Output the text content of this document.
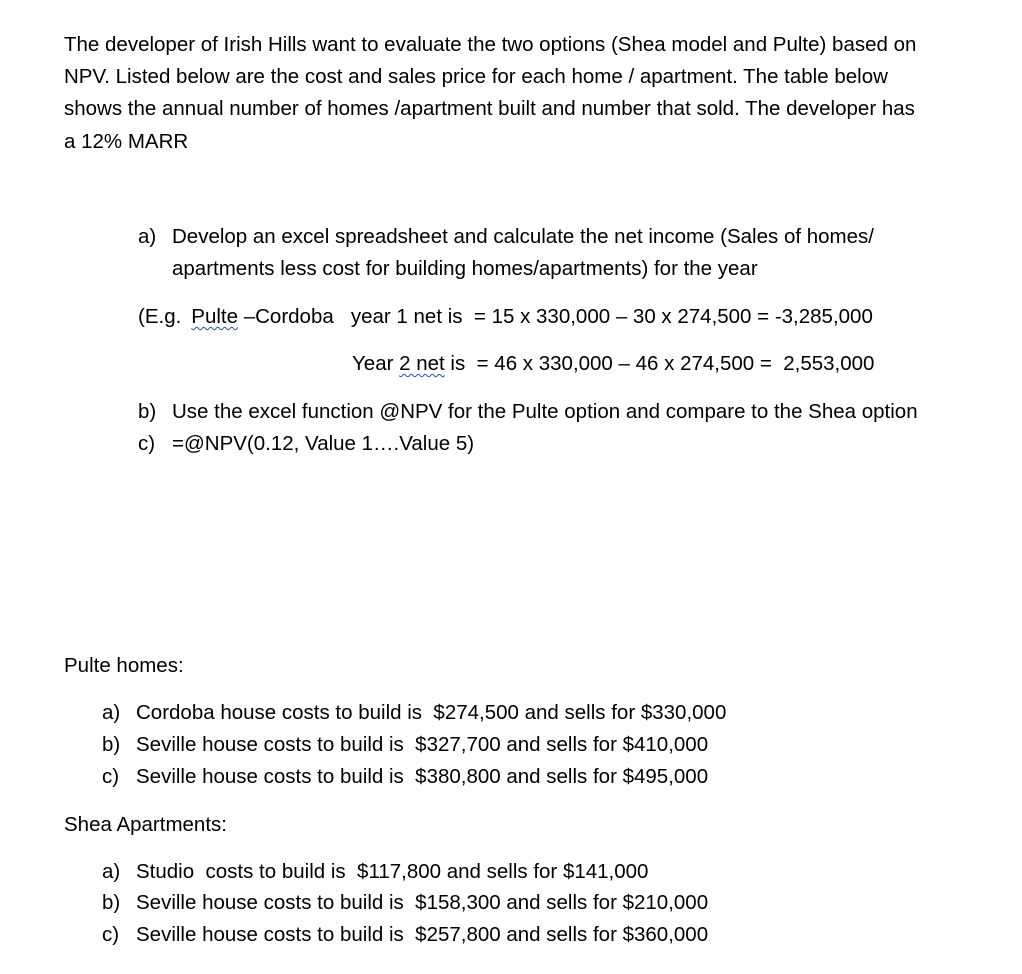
The developer of Irish Hills want to evaluate the two options (Shea model and Pulte) based on
NPV. Listed below are the cost and sales price for each home / apartment. The table below
shows the annual number of homes /apartment built and number that sold. The developer has
a 12% MARR
a) Develop an excel spreadsheet and calculate the net income (Sales of homes/
apartments less cost for building homes/apartments) for the year
(E.g. Pulte –Cordoba   year 1 net is  = 15 x 330,000 – 30 x 274,500 = -3,285,000
Year 2 net is  = 46 x 330,000 – 46 x 274,500 =  2,553,000
b) Use the excel function @NPV for the Pulte option and compare to the Shea option
c) =@NPV(0.12, Value 1….Value 5)
Pulte homes:
a) Cordoba house costs to build is  $274,500 and sells for $330,000
b) Seville house costs to build is  $327,700 and sells for $410,000
c) Seville house costs to build is  $380,800 and sells for $495,000
Shea Apartments:
a) Studio  costs to build is  $117,800 and sells for $141,000
b) Seville house costs to build is  $158,300 and sells for $210,000
c) Seville house costs to build is  $257,800 and sells for $360,000
